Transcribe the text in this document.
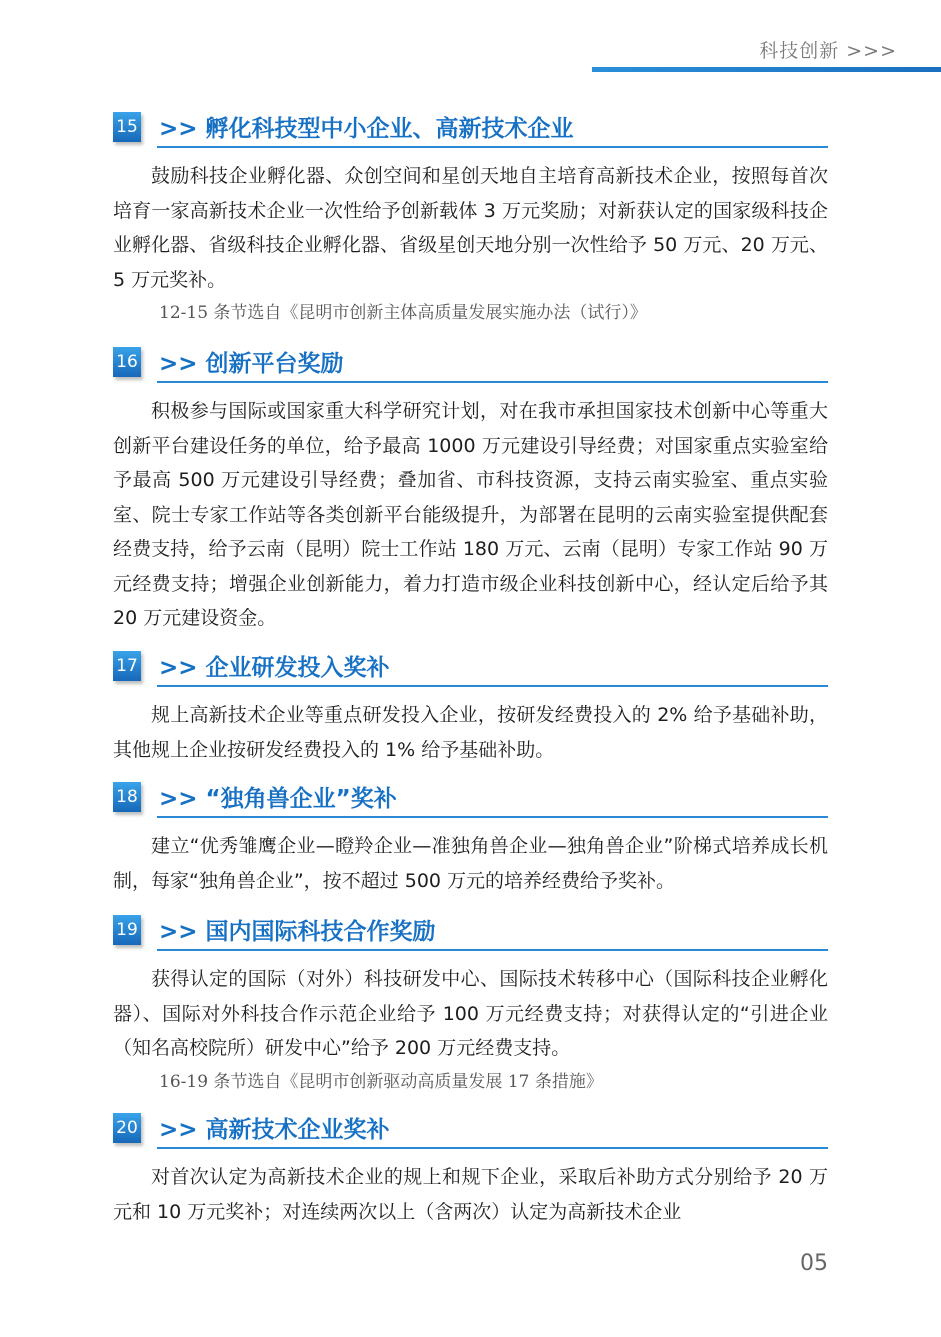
科技创新 >>>
15 >> 孵化科技型中小企业、高新技术企业

鼓励科技企业孵化器、众创空间和星创天地自主培育高新技术企业，按照每首次培育一家高新技术企业一次性给予创新载体 3 万元奖励；对新获认定的国家级科技企业孵化器、省级科技企业孵化器、省级星创天地分别一次性给予 50 万元、20 万元、5 万元奖补。

12-15 条节选自《昆明市创新主体高质量发展实施办法（试行）》

16 >> 创新平台奖励

积极参与国际或国家重大科学研究计划，对在我市承担国家技术创新中心等重大创新平台建设任务的单位，给予最高 1000 万元建设引导经费；对国家重点实验室给予最高 500 万元建设引导经费；叠加省、市科技资源，支持云南实验室、重点实验室、院士专家工作站等各类创新平台能级提升，为部署在昆明的云南实验室提供配套经费支持，给予云南（昆明）院士工作站 180 万元、云南（昆明）专家工作站 90 万元经费支持；增强企业创新能力，着力打造市级企业科技创新中心，经认定后给予其 20 万元建设资金。

17 >> 企业研发投入奖补

规上高新技术企业等重点研发投入企业，按研发经费投入的 2% 给予基础补助，其他规上企业按研发经费投入的 1% 给予基础补助。

18 >> “独角兽企业”奖补

建立“优秀雏鹰企业—瞪羚企业—准独角兽企业—独角兽企业”阶梯式培养成长机制，每家“独角兽企业”，按不超过 500 万元的培养经费给予奖补。

19 >> 国内国际科技合作奖励

获得认定的国际（对外）科技研发中心、国际技术转移中心（国际科技企业孵化器）、国际对外科技合作示范企业给予 100 万元经费支持；对获得认定的“引进企业（知名高校院所）研发中心”给予 200 万元经费支持。

16-19 条节选自《昆明市创新驱动高质量发展 17 条措施》

20 >> 高新技术企业奖补

对首次认定为高新技术企业的规上和规下企业，采取后补助方式分别给予 20 万元和 10 万元奖补；对连续两次以上（含两次）认定为高新技术企业

05
